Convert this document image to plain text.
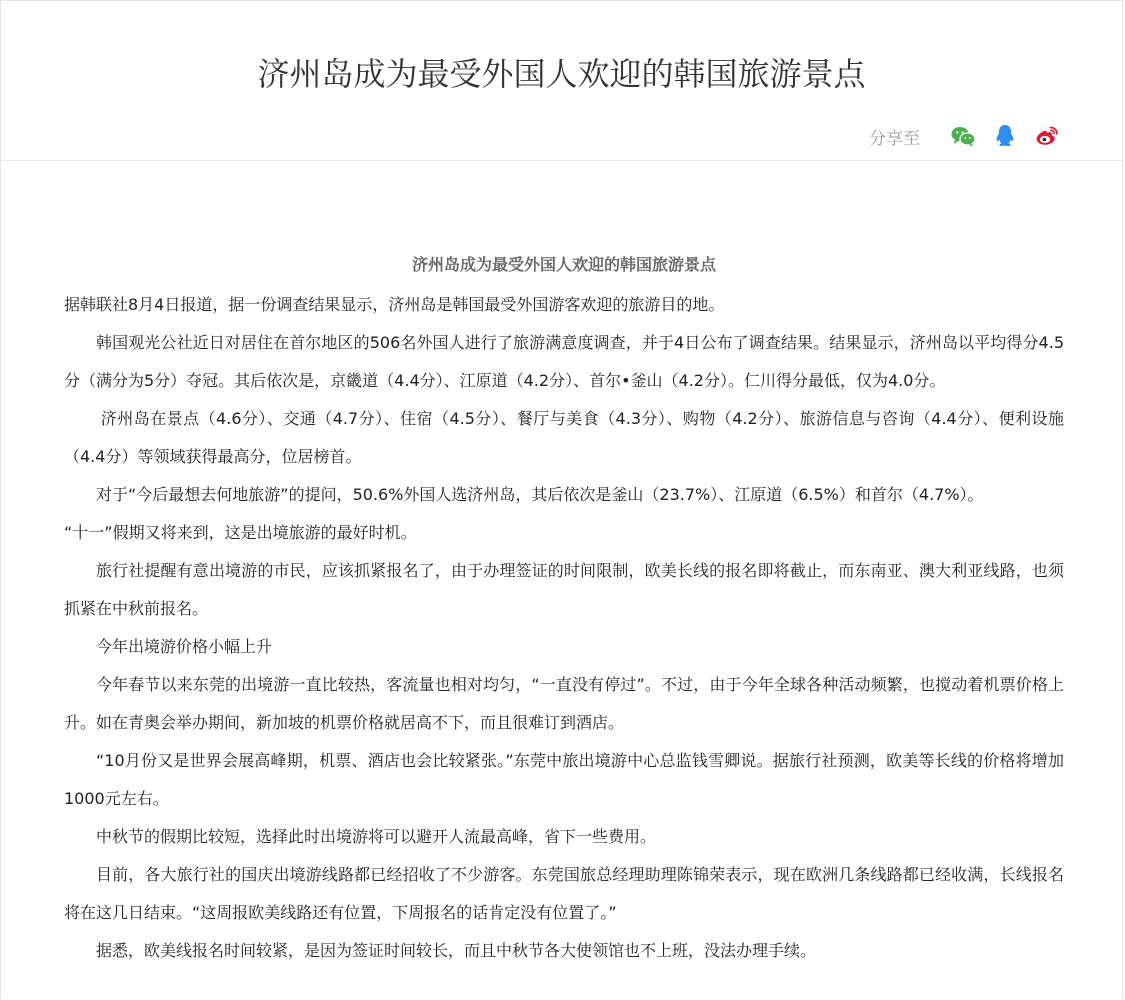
济州岛成为最受外国人欢迎的韩国旅游景点
分享至

济州岛成为最受外国人欢迎的韩国旅游景点

据韩联社8月4日报道，据一份调查结果显示，济州岛是韩国最受外国游客欢迎的旅游目的地。

韩国观光公社近日对居住在首尔地区的506名外国人进行了旅游满意度调查，并于4日公布了调查结果。结果显示，济州岛以平均得分4.5分（满分为5分）夺冠。其后依次是，京畿道（4.4分）、江原道（4.2分）、首尔•釜山（4.2分）。仁川得分最低，仅为4.0分。

济州岛在景点（4.6分）、交通（4.7分）、住宿（4.5分）、餐厅与美食（4.3分）、购物（4.2分）、旅游信息与咨询（4.4分）、便利设施（4.4分）等领域获得最高分，位居榜首。

对于“今后最想去何地旅游”的提问，50.6%外国人选济州岛，其后依次是釜山（23.7%）、江原道（6.5%）和首尔（4.7%）。

“十一”假期又将来到，这是出境旅游的最好时机。

旅行社提醒有意出境游的市民，应该抓紧报名了，由于办理签证的时间限制，欧美长线的报名即将截止，而东南亚、澳大利亚线路，也须抓紧在中秋前报名。

今年出境游价格小幅上升

今年春节以来东莞的出境游一直比较热，客流量也相对均匀，“一直没有停过”。不过，由于今年全球各种活动频繁，也搅动着机票价格上升。如在青奥会举办期间，新加坡的机票价格就居高不下，而且很难订到酒店。

“10月份又是世界会展高峰期，机票、酒店也会比较紧张。”东莞中旅出境游中心总监钱雪卿说。据旅行社预测，欧美等长线的价格将增加1000元左右。

中秋节的假期比较短，选择此时出境游将可以避开人流最高峰，省下一些费用。

目前，各大旅行社的国庆出境游线路都已经招收了不少游客。东莞国旅总经理助理陈锦荣表示，现在欧洲几条线路都已经收满，长线报名将在这几日结束。“这周报欧美线路还有位置，下周报名的话肯定没有位置了。”

据悉，欧美线报名时间较紧，是因为签证时间较长，而且中秋节各大使领馆也不上班，没法办理手续。
